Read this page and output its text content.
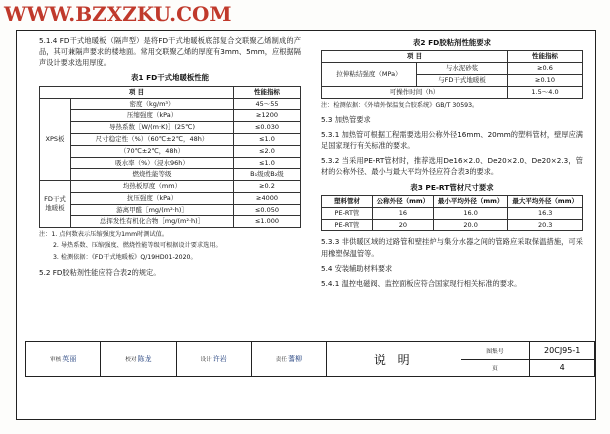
WWW.BZXZKU.COM

5.1.4 FD干式地暖板（隔声型）是将FD干式地暖板底部复合交联聚乙烯制成的产品，其可兼隔声要求的楼地面。常用交联聚乙烯的厚度有3mm、5mm，应根据隔声设计要求选用厚度。

表1 FD干式地暖板性能
项 目		性能指标
XPS板	密度（kg/m³）	45～55
	压缩强度（kPa）	≥1200
	导热系数［W/(m·K)］(25℃)	≤0.030
	尺寸稳定性（%）（60℃±2℃，48h）	≤1.0
	（70℃±2℃，48h）	≤2.0
	吸水率（%）（浸水96h）	≤1.0
	燃烧性能等级	B₁级或B₂级
FD干式地暖板	均热板厚度（mm）	≥0.2
	抗压强度（kPa）	≥4000
	游离甲醛［mg/(m²·h)］	≤0.050
	总挥发性有机化合物［mg/(m²·h)］	≤1.000

注：1. 点何数表示压缩强度为1mm时测试值。

2. 导热系数、压缩强度、燃烧性能等级可根据设计要求选用。

3. 检测依据：《FD干式地暖板》Q/19HD01-2020。

5.2 FD胶粘剂性能应符合表2的规定。

表2 FD胶粘剂性能要求
项 目		性能指标
拉伸粘结强度（MPa）	与水泥砂浆	≥0.6
	与FD干式地暖板	≥0.10
可操作时间（h）		1.5～4.0

注：检测依据：《外墙外保温复合胶系统》GB/T 30593。

5.3 加热管要求

5.3.1 加热管可根据工程需要选用公称外径16mm、20mm的塑料管材，壁厚应满足国家现行有关标准的要求。

5.3.2 当采用PE-RT管材时，推荐选用De16×2.0、De20×2.0、De20×2.3，管材的公称外径、最小与最大平均外径应符合表3的要求。

表3 PE-RT管材尺寸要求
塑料管材	公称外径（mm）	最小平均外径（mm）	最大平均外径（mm）
PE-RT管	16	16.0	16.3
PE-RT管	20	20.0	20.3

5.3.3 非供暖区域的过路管和壁挂炉与集分水器之间的管路应采取保温措施，可采用橡塑保温管等。

5.4 安装辅助材料要求

5.4.1 温控电磁阀、监控面板应符合国家现行相关标准的要求。

审核 英丽	校对 陈龙	设计 许岩	责任 蓍柳	说 明
图集号	20CJ95-1
页	4
